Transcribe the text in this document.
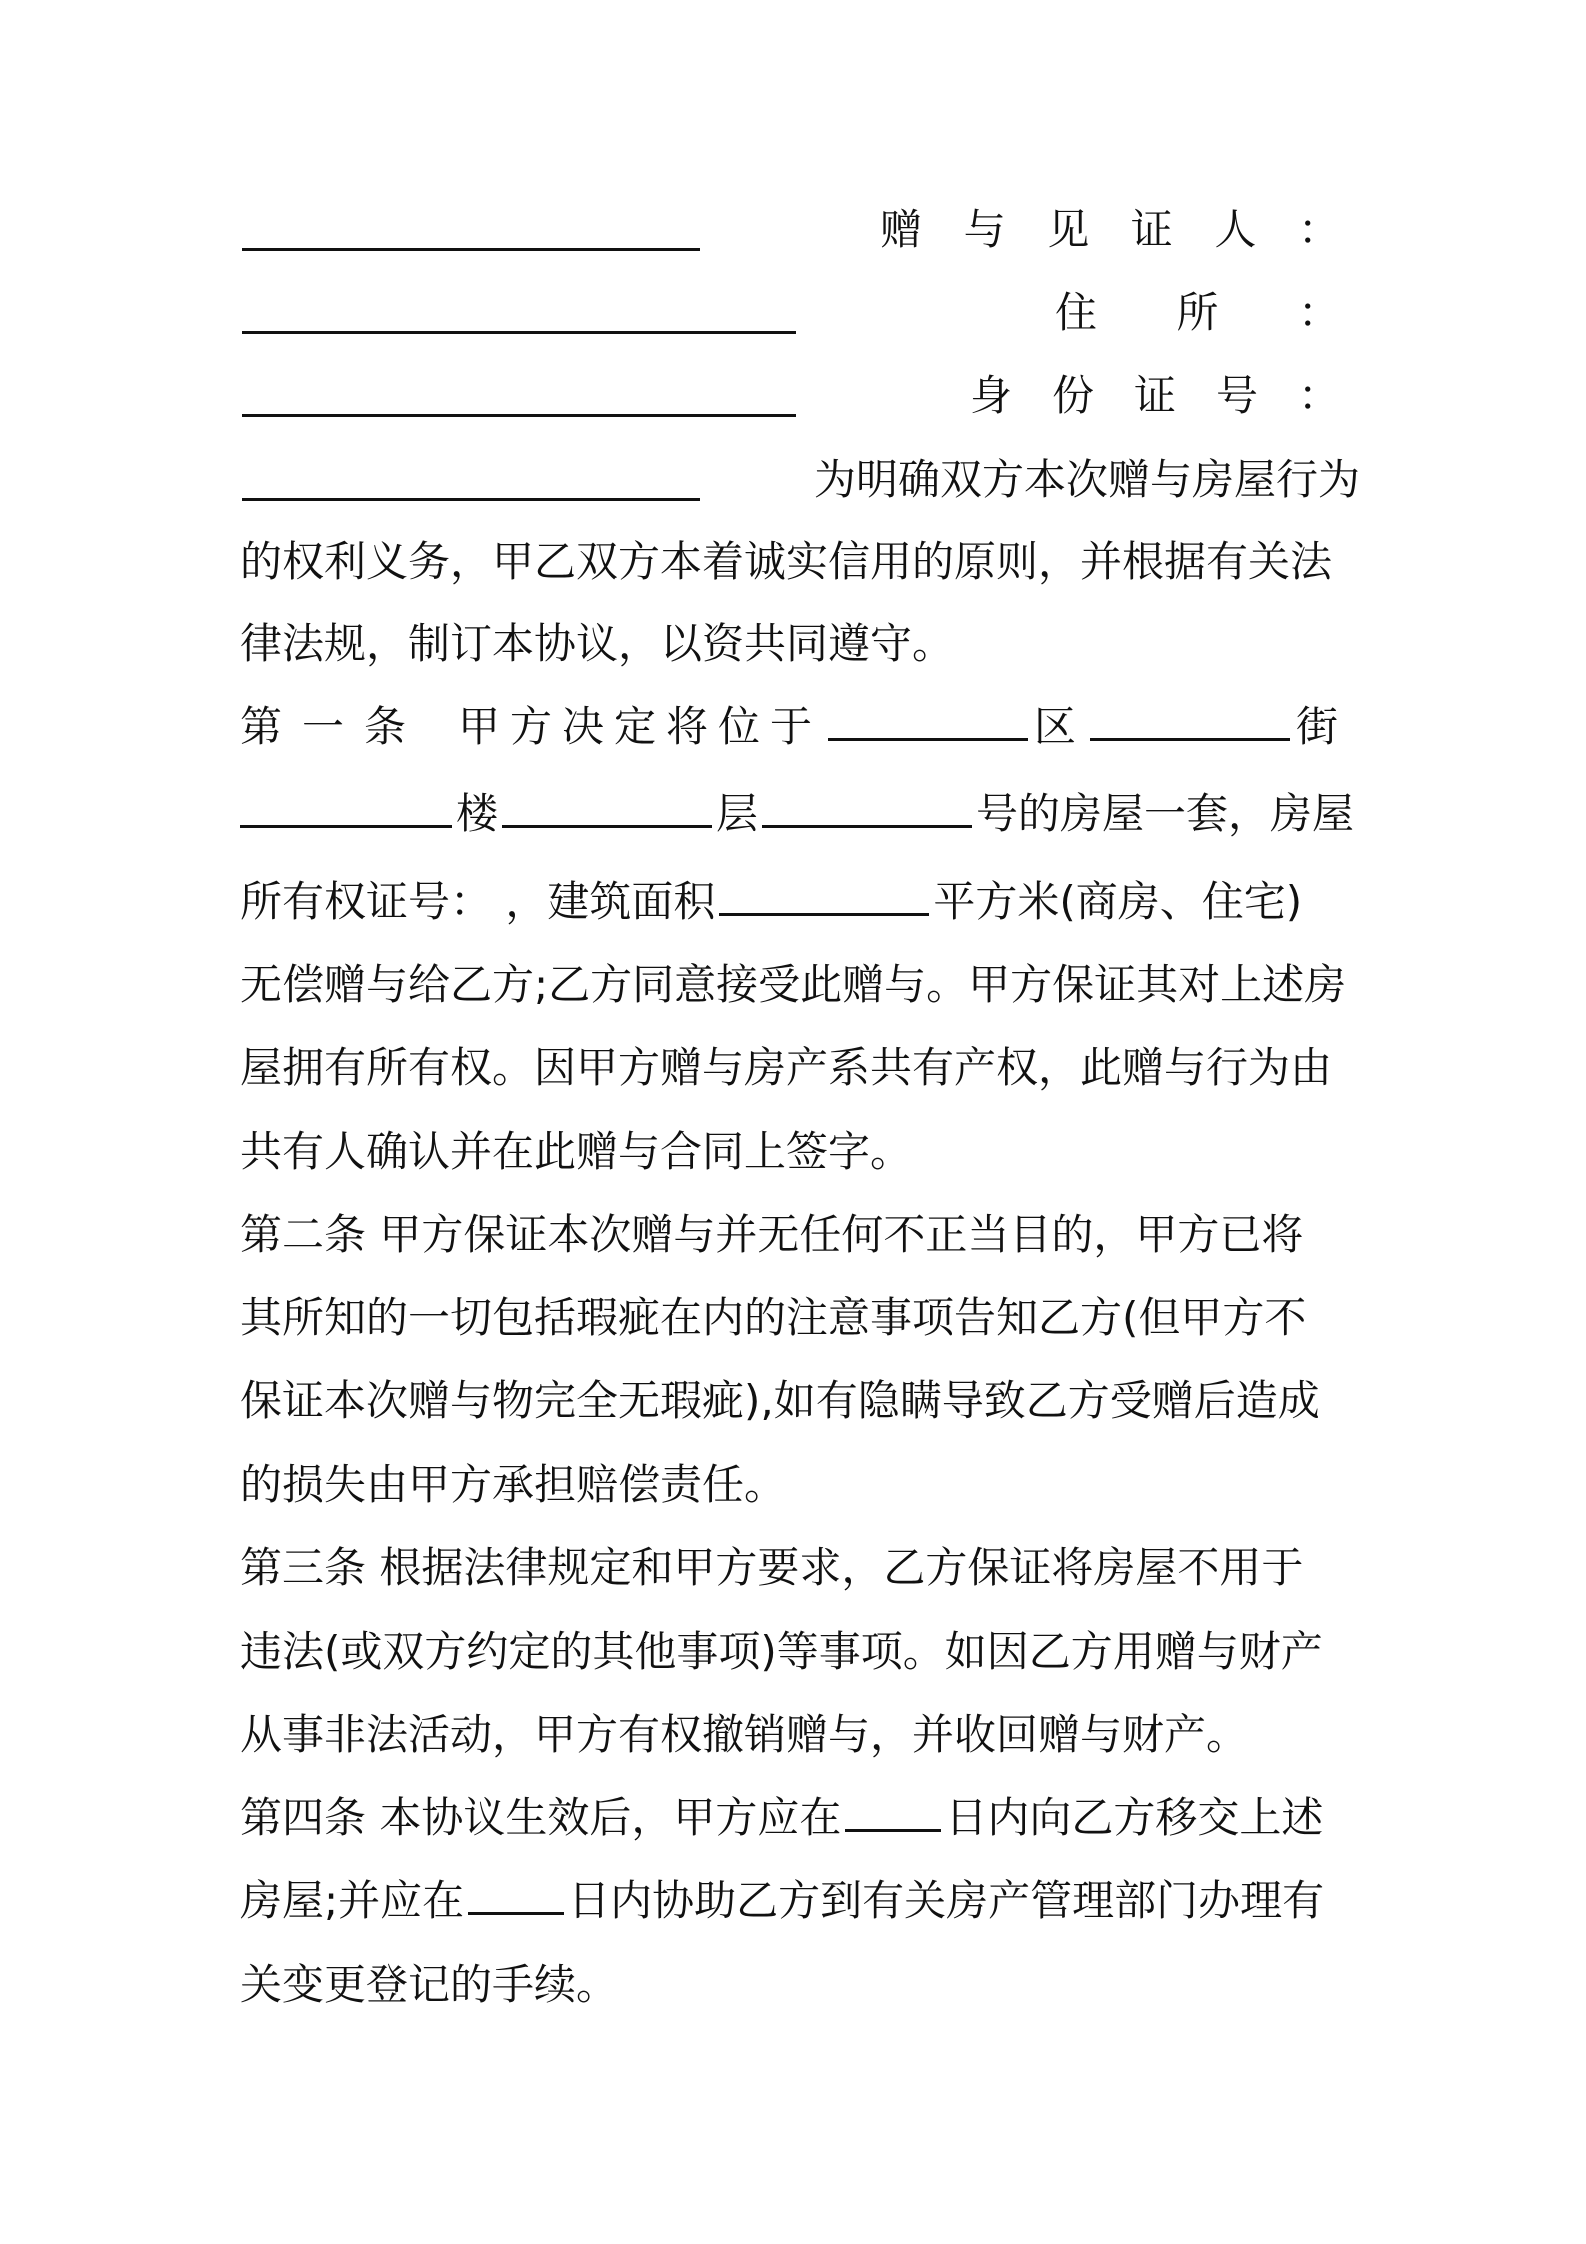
赠 与 见 证 人 ：
住 所 ：
身 份 证 号 ：
为明确双方本次赠与房屋行为
的权利义务，甲乙双方本着诚实信用的原则，并根据有关法
律法规，制订本协议，以资共同遵守。
第一条 甲方决定将位于	区	街
楼	层	号的房屋一套，房屋
所有权证号： ，建筑面积	平方米(商房、住宅)
无偿赠与给乙方;乙方同意接受此赠与。甲方保证其对上述房
屋拥有所有权。因甲方赠与房产系共有产权，此赠与行为由
共有人确认并在此赠与合同上签字。
第二条 甲方保证本次赠与并无任何不正当目的，甲方已将
其所知的一切包括瑕疵在内的注意事项告知乙方(但甲方不
保证本次赠与物完全无瑕疵),如有隐瞒导致乙方受赠后造成
的损失由甲方承担赔偿责任。
第三条 根据法律规定和甲方要求，乙方保证将房屋不用于
违法(或双方约定的其他事项)等事项。如因乙方用赠与财产
从事非法活动，甲方有权撤销赠与，并收回赠与财产。
第四条 本协议生效后，甲方应在 日内向乙方移交上述
房屋;并应在 日内协助乙方到有关房产管理部门办理有
关变更登记的手续。
